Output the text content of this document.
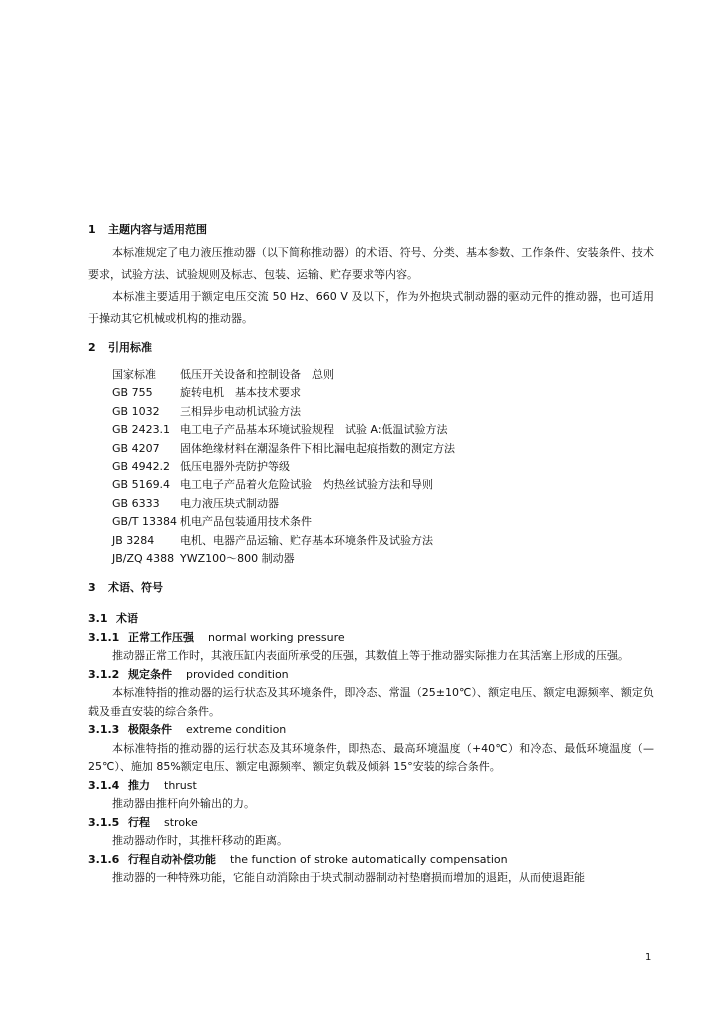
1 主题内容与适用范围
本标准规定了电力液压推动器（以下简称推动器）的术语、符号、分类、基本参数、工作条件、安装条件、技术要求，试验方法、试验规则及标志、包装、运输、贮存要求等内容。
本标准主要适用于额定电压交流 50 Hz、660 V 及以下，作为外抱块式制动器的驱动元件的推动器，也可适用于操动其它机械或机构的推动器。
2 引用标准
国家标准	低压开关设备和控制设备　总则
GB 755	旋转电机　基本技术要求
GB 1032	三相异步电动机试验方法
GB 2423.1 电工电子产品基本环境试验规程　试验 A:低温试验方法
GB 4207	固体绝缘材料在潮湿条件下相比漏电起痕指数的测定方法
GB 4942.2 低压电器外壳防护等级
GB 5169.4 电工电子产品着火危险试验　灼热丝试验方法和导则
GB 6333	电力液压块式制动器
GB/T 13384 机电产品包装通用技术条件
JB 3284	电机、电器产品运输、贮存基本环境条件及试验方法
JB/ZQ 4388 YWZ100～800 制动器
3 术语、符号
3.1 术语
3.1.1 正常工作压强 normal working pressure
推动器正常工作时，其液压缸内表面所承受的压强，其数值上等于推动器实际推力在其活塞上形成的压强。
3.1.2 规定条件 provided condition
本标准特指的推动器的运行状态及其环境条件，即冷态、常温（25±10℃）、额定电压、额定电源频率、额定负载及垂直安装的综合条件。
3.1.3 极限条件 extreme condition
本标准特指的推动器的运行状态及其环境条件，即热态、最高环境温度（+40℃）和冷态、最低环境温度（—25℃）、施加 85%额定电压、额定电源频率、额定负载及倾斜 15°安装的综合条件。
3.1.4 推力 thrust
推动器由推杆向外输出的力。
3.1.5 行程 stroke
推动器动作时，其推杆移动的距离。
3.1.6 行程自动补偿功能 the function of stroke automatically compensation
推动器的一种特殊功能，它能自动消除由于块式制动器制动衬垫磨损而增加的退距，从而使退距能
1
